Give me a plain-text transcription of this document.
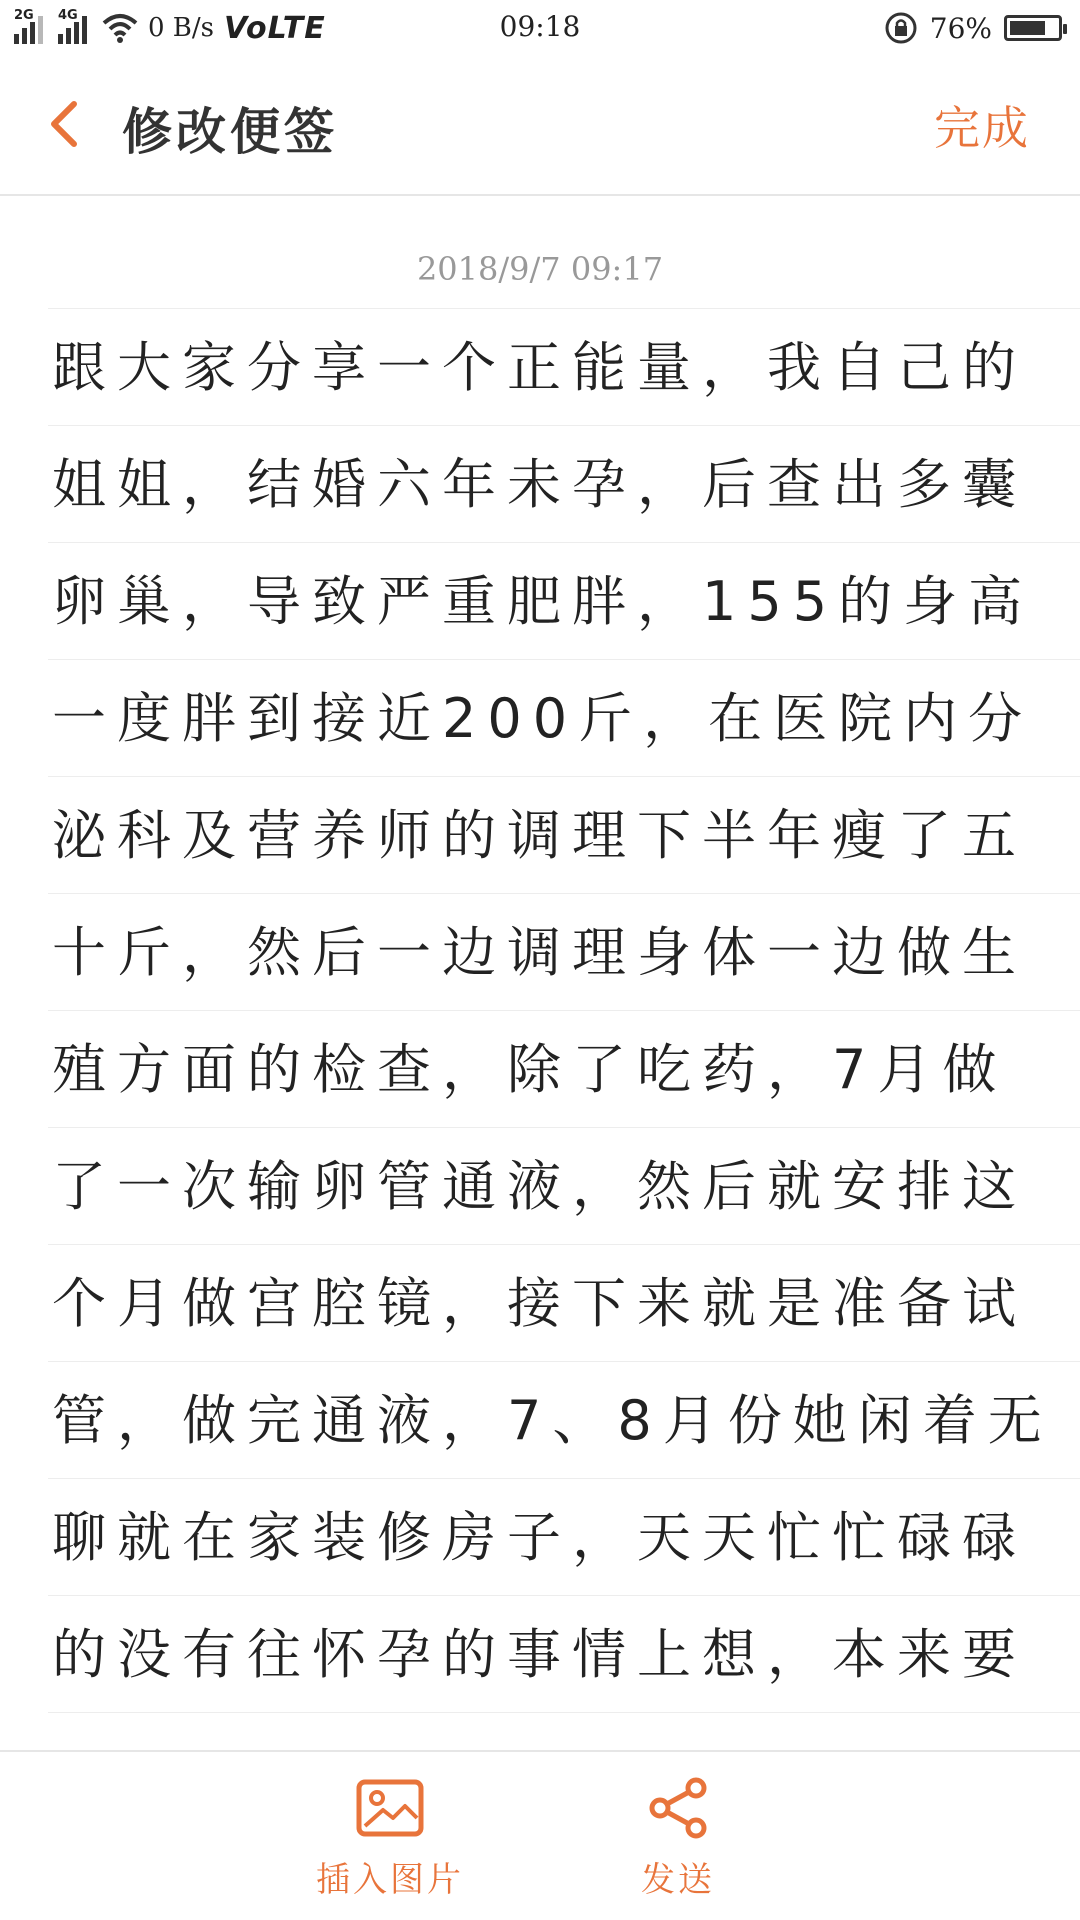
2G 4G	0 B/s VoLTE	09:18	76%
修改便签	完成
2018/9/7 09:17
跟大家分享一个正能量，我自己的
姐姐，结婚六年未孕，后查出多囊
卵巢，导致严重肥胖，155的身高
一度胖到接近200斤，在医院内分
泌科及营养师的调理下半年瘦了五
十斤，然后一边调理身体一边做生
殖方面的检查，除了吃药，7月做
了一次输卵管通液，然后就安排这
个月做宫腔镜，接下来就是准备试
管，做完通液，7、8月份她闲着无
聊就在家装修房子，天天忙忙碌碌
的没有往怀孕的事情上想，本来要
插入图片	发送
